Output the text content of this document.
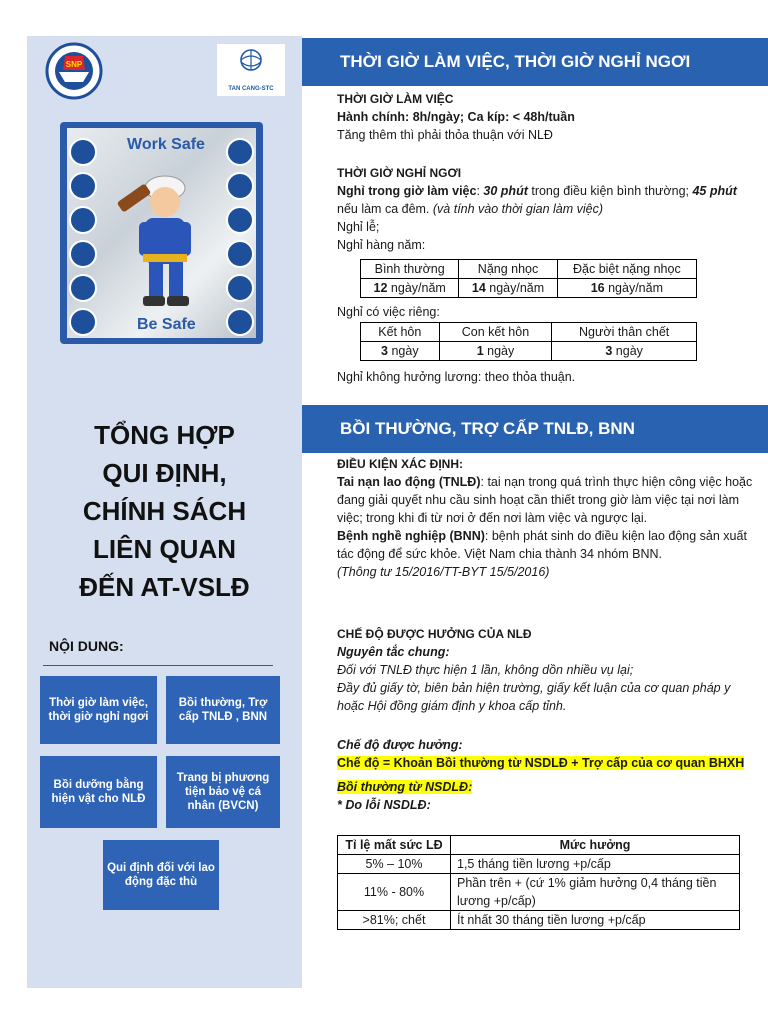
SNP
TAN CANG-STC
Work Safe
Be Safe
TỔNG HỢP
QUI ĐỊNH,
CHÍNH SÁCH
LIÊN QUAN
ĐẾN AT-VSLĐ
NỘI DUNG:
Thời giờ làm việc, thời giờ nghỉ ngơi
Bồi thường, Trợ cấp TNLĐ , BNN
Bồi dưỡng bằng hiện vật cho NLĐ
Trang bị phương tiện bảo vệ cá nhân (BVCN)
Qui định đối với lao động đặc thù
THỜI GIỜ LÀM VIỆC, THỜI GIỜ NGHỈ NGƠI
THỜI GIỜ LÀM VIỆC
Hành chính: 8h/ngày; Ca kíp: < 48h/tuần
Tăng thêm thì phải thỏa thuận với NLĐ
THỜI GIỜ NGHỈ NGƠI
Nghỉ trong giờ làm việc: 30 phút trong điều kiện bình thường; 45 phút nếu làm ca đêm. (và tính vào thời gian làm việc)
Nghỉ lễ;
Nghỉ hàng năm:
Bình thường	Nặng nhọc	Đặc biệt nặng nhọc
12 ngày/năm	14 ngày/năm	16 ngày/năm
Nghỉ có việc riêng:
Kết hôn	Con kết hôn	Người thân chết
3 ngày	1 ngày	3 ngày
Nghỉ không hưởng lương: theo thỏa thuận.
BỒI THƯỜNG, TRỢ CẤP TNLĐ, BNN
ĐIỀU KIỆN XÁC ĐỊNH:
Tai nạn lao động (TNLĐ): tai nạn trong quá trình thực hiện công việc hoặc đang giải quyết nhu cầu sinh hoạt cần thiết trong giờ làm việc tại nơi làm việc; trong khi đi từ nơi ở đến nơi làm việc và ngược lại.
Bệnh nghề nghiệp (BNN): bệnh phát sinh do điều kiện lao động sản xuất tác động để sức khỏe. Việt Nam chia thành 34 nhóm BNN.
(Thông tư 15/2016/TT-BYT 15/5/2016)
CHẾ ĐỘ ĐƯỢC HƯỞNG CỦA NLĐ
Nguyên tắc chung:
Đối với TNLĐ thực hiện 1 lần, không dồn nhiều vụ lại;
Đầy đủ giấy tờ, biên bản hiện trường, giấy kết luận của cơ quan pháp y hoặc Hội đồng giám định y khoa cấp tỉnh.
Chế độ được hưởng:
Chế độ = Khoản Bồi thường từ NSDLĐ + Trợ cấp của cơ quan BHXH
Bồi thường từ NSDLĐ:
* Do lỗi NSDLĐ:
Tỉ lệ mất sức LĐ	Mức hưởng
5% – 10%	1,5 tháng tiền lương +p/cấp
11% - 80%	Phần trên + (cứ 1% giảm hưởng 0,4 tháng tiền lương +p/cấp)
>81%; chết	Ít nhất 30 tháng tiền lương +p/cấp
